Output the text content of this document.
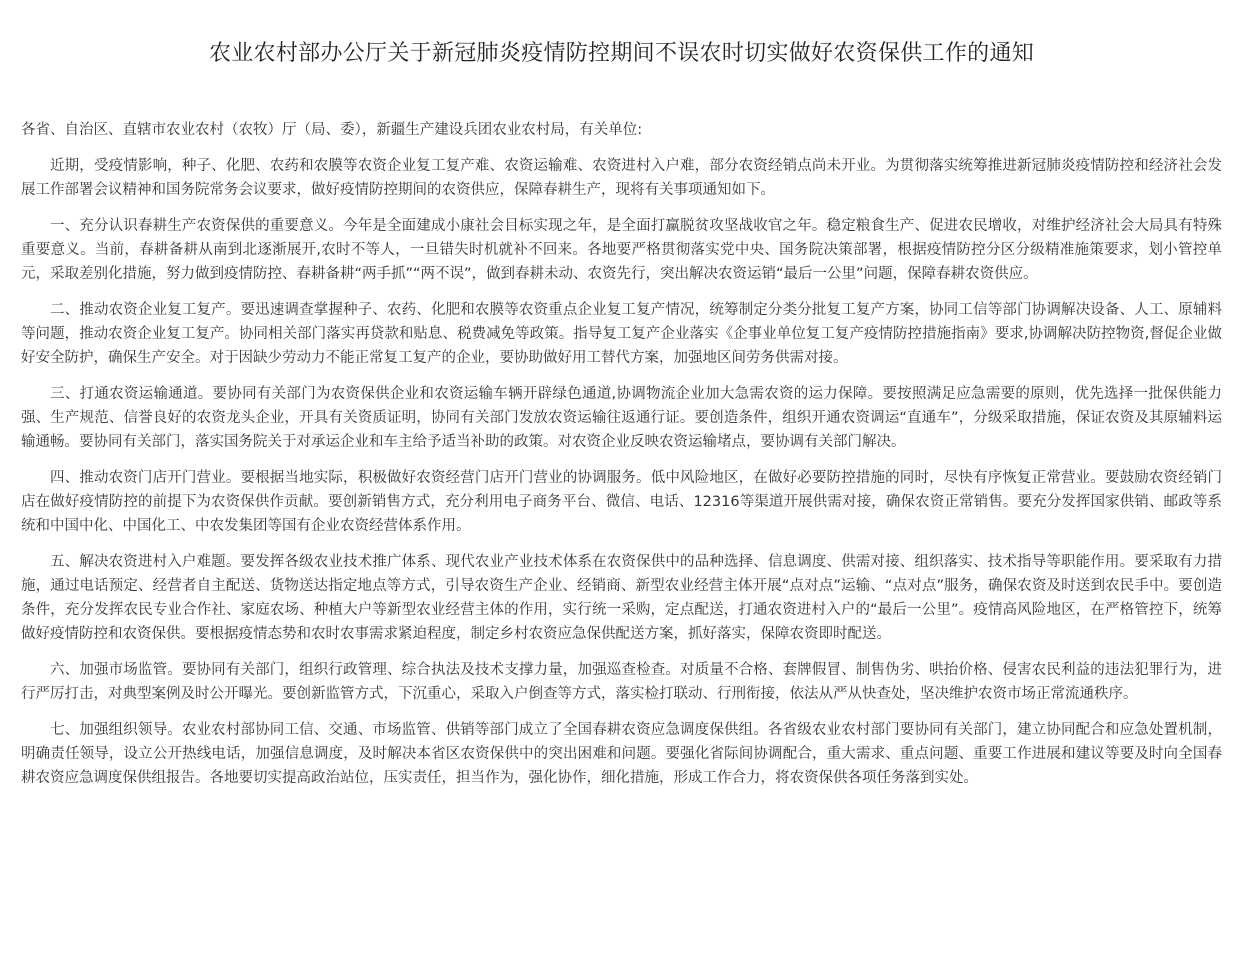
农业农村部办公厅关于新冠肺炎疫情防控期间不误农时切实做好农资保供工作的通知
各省、自治区、直辖市农业农村（农牧）厅（局、委），新疆生产建设兵团农业农村局，有关单位:

近期，受疫情影响，种子、化肥、农药和农膜等农资企业复工复产难、农资运输难、农资进村入户难，部分农资经销点尚未开业。为贯彻落实统筹推进新冠肺炎疫情防控和经济社会发展工作部署会议精神和国务院常务会议要求，做好疫情防控期间的农资供应，保障春耕生产，现将有关事项通知如下。

一、充分认识春耕生产农资保供的重要意义。今年是全面建成小康社会目标实现之年，是全面打赢脱贫攻坚战收官之年。稳定粮食生产、促进农民增收，对维护经济社会大局具有特殊重要意义。当前，春耕备耕从南到北逐渐展开,农时不等人，一旦错失时机就补不回来。各地要严格贯彻落实党中央、国务院决策部署，根据疫情防控分区分级精准施策要求，划小管控单元，采取差别化措施，努力做到疫情防控、春耕备耕“两手抓”“两不误”，做到春耕未动、农资先行，突出解决农资运销“最后一公里”问题，保障春耕农资供应。

二、推动农资企业复工复产。要迅速调查掌握种子、农药、化肥和农膜等农资重点企业复工复产情况，统筹制定分类分批复工复产方案，协同工信等部门协调解决设备、人工、原辅料等问题，推动农资企业复工复产。协同相关部门落实再贷款和贴息、税费减免等政策。指导复工复产企业落实《企事业单位复工复产疫情防控措施指南》要求,协调解决防控物资,督促企业做好安全防护，确保生产安全。对于因缺少劳动力不能正常复工复产的企业，要协助做好用工替代方案，加强地区间劳务供需对接。

三、打通农资运输通道。要协同有关部门为农资保供企业和农资运输车辆开辟绿色通道,协调物流企业加大急需农资的运力保障。要按照满足应急需要的原则，优先选择一批保供能力强、生产规范、信誉良好的农资龙头企业，开具有关资质证明，协同有关部门发放农资运输往返通行证。要创造条件，组织开通农资调运“直通车”，分级采取措施，保证农资及其原辅料运输通畅。要协同有关部门，落实国务院关于对承运企业和车主给予适当补助的政策。对农资企业反映农资运输堵点，要协调有关部门解决。

四、推动农资门店开门营业。要根据当地实际，积极做好农资经营门店开门营业的协调服务。低中风险地区，在做好必要防控措施的同时，尽快有序恢复正常营业。要鼓励农资经销门店在做好疫情防控的前提下为农资保供作贡献。要创新销售方式，充分利用电子商务平台、微信、电话、12316等渠道开展供需对接，确保农资正常销售。要充分发挥国家供销、邮政等系统和中国中化、中国化工、中农发集团等国有企业农资经营体系作用。

五、解决农资进村入户难题。要发挥各级农业技术推广体系、现代农业产业技术体系在农资保供中的品种选择、信息调度、供需对接、组织落实、技术指导等职能作用。要采取有力措施，通过电话预定、经营者自主配送、货物送达指定地点等方式，引导农资生产企业、经销商、新型农业经营主体开展“点对点”运输、“点对点”服务，确保农资及时送到农民手中。要创造条件，充分发挥农民专业合作社、家庭农场、种植大户等新型农业经营主体的作用，实行统一采购，定点配送，打通农资进村入户的“最后一公里”。疫情高风险地区，在严格管控下，统筹做好疫情防控和农资保供。要根据疫情态势和农时农事需求紧迫程度，制定乡村农资应急保供配送方案，抓好落实，保障农资即时配送。

六、加强市场监管。要协同有关部门，组织行政管理、综合执法及技术支撑力量，加强巡查检查。对质量不合格、套牌假冒、制售伪劣、哄抬价格、侵害农民利益的违法犯罪行为，进行严厉打击，对典型案例及时公开曝光。要创新监管方式，下沉重心，采取入户倒查等方式，落实检打联动、行刑衔接，依法从严从快查处，坚决维护农资市场正常流通秩序。

七、加强组织领导。农业农村部协同工信、交通、市场监管、供销等部门成立了全国春耕农资应急调度保供组。各省级农业农村部门要协同有关部门，建立协同配合和应急处置机制，明确责任领导，设立公开热线电话，加强信息调度，及时解决本省区农资保供中的突出困难和问题。要强化省际间协调配合，重大需求、重点问题、重要工作进展和建议等要及时向全国春耕农资应急调度保供组报告。各地要切实提高政治站位，压实责任，担当作为，强化协作，细化措施，形成工作合力，将农资保供各项任务落到实处。
